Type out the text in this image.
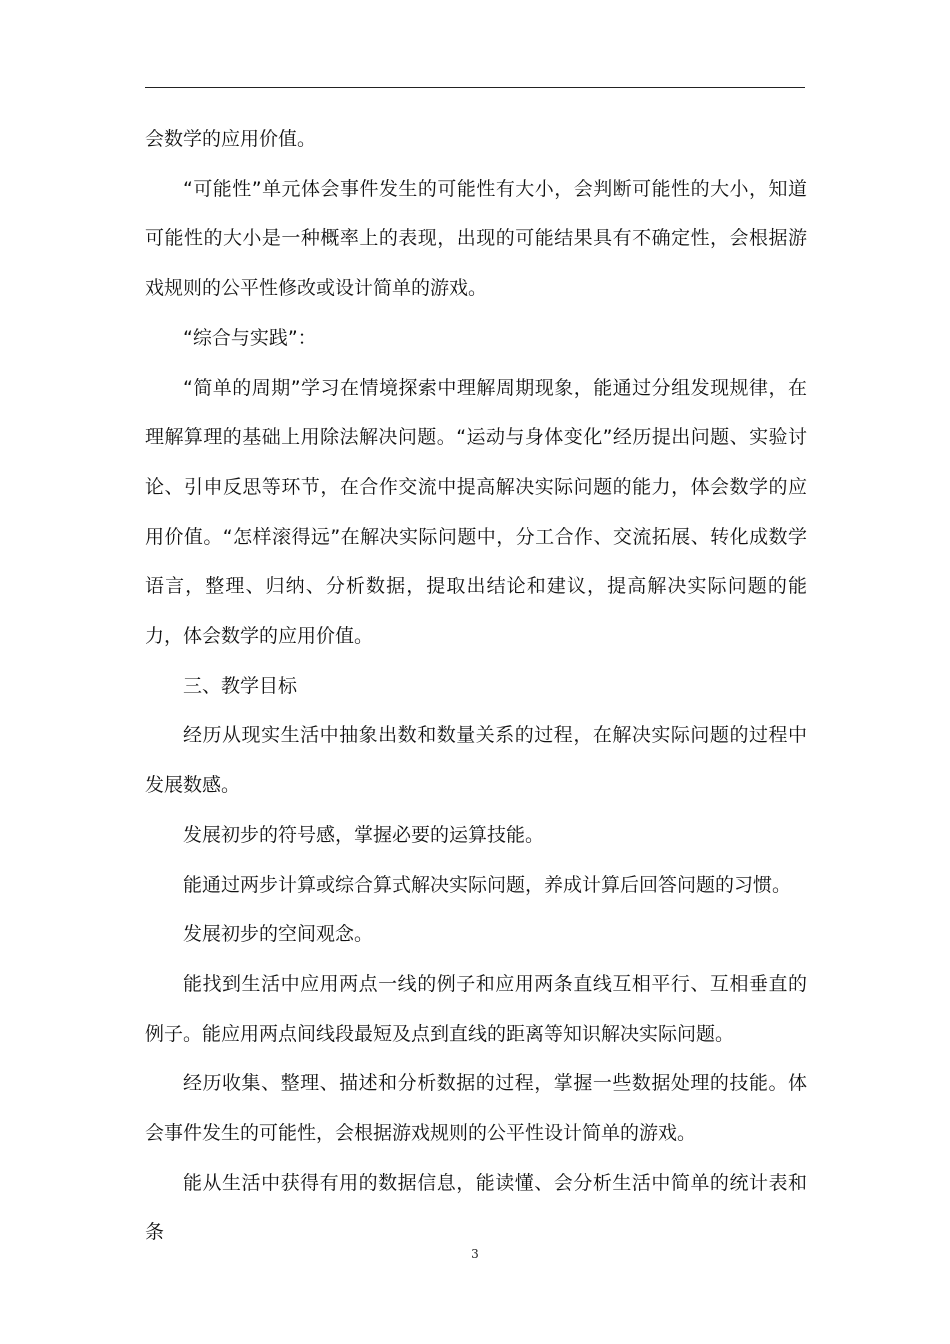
会数学的应用价值。

“可能性”单元体会事件发生的可能性有大小，会判断可能性的大小，知道可能性的大小是一种概率上的表现，出现的可能结果具有不确定性，会根据游戏规则的公平性修改或设计简单的游戏。

“综合与实践”：

“简单的周期”学习在情境探索中理解周期现象，能通过分组发现规律，在理解算理的基础上用除法解决问题。“运动与身体变化”经历提出问题、实验讨论、引申反思等环节，在合作交流中提高解决实际问题的能力，体会数学的应用价值。“怎样滚得远”在解决实际问题中，分工合作、交流拓展、转化成数学语言，整理、归纳、分析数据，提取出结论和建议，提高解决实际问题的能力，体会数学的应用价值。

三、教学目标

经历从现实生活中抽象出数和数量关系的过程，在解决实际问题的过程中发展数感。

发展初步的符号感，掌握必要的运算技能。

能通过两步计算或综合算式解决实际问题，养成计算后回答问题的习惯。

发展初步的空间观念。

能找到生活中应用两点一线的例子和应用两条直线互相平行、互相垂直的例子。能应用两点间线段最短及点到直线的距离等知识解决实际问题。

经历收集、整理、描述和分析数据的过程，掌握一些数据处理的技能。体会事件发生的可能性，会根据游戏规则的公平性设计简单的游戏。

能从生活中获得有用的数据信息，能读懂、会分析生活中简单的统计表和条

3
